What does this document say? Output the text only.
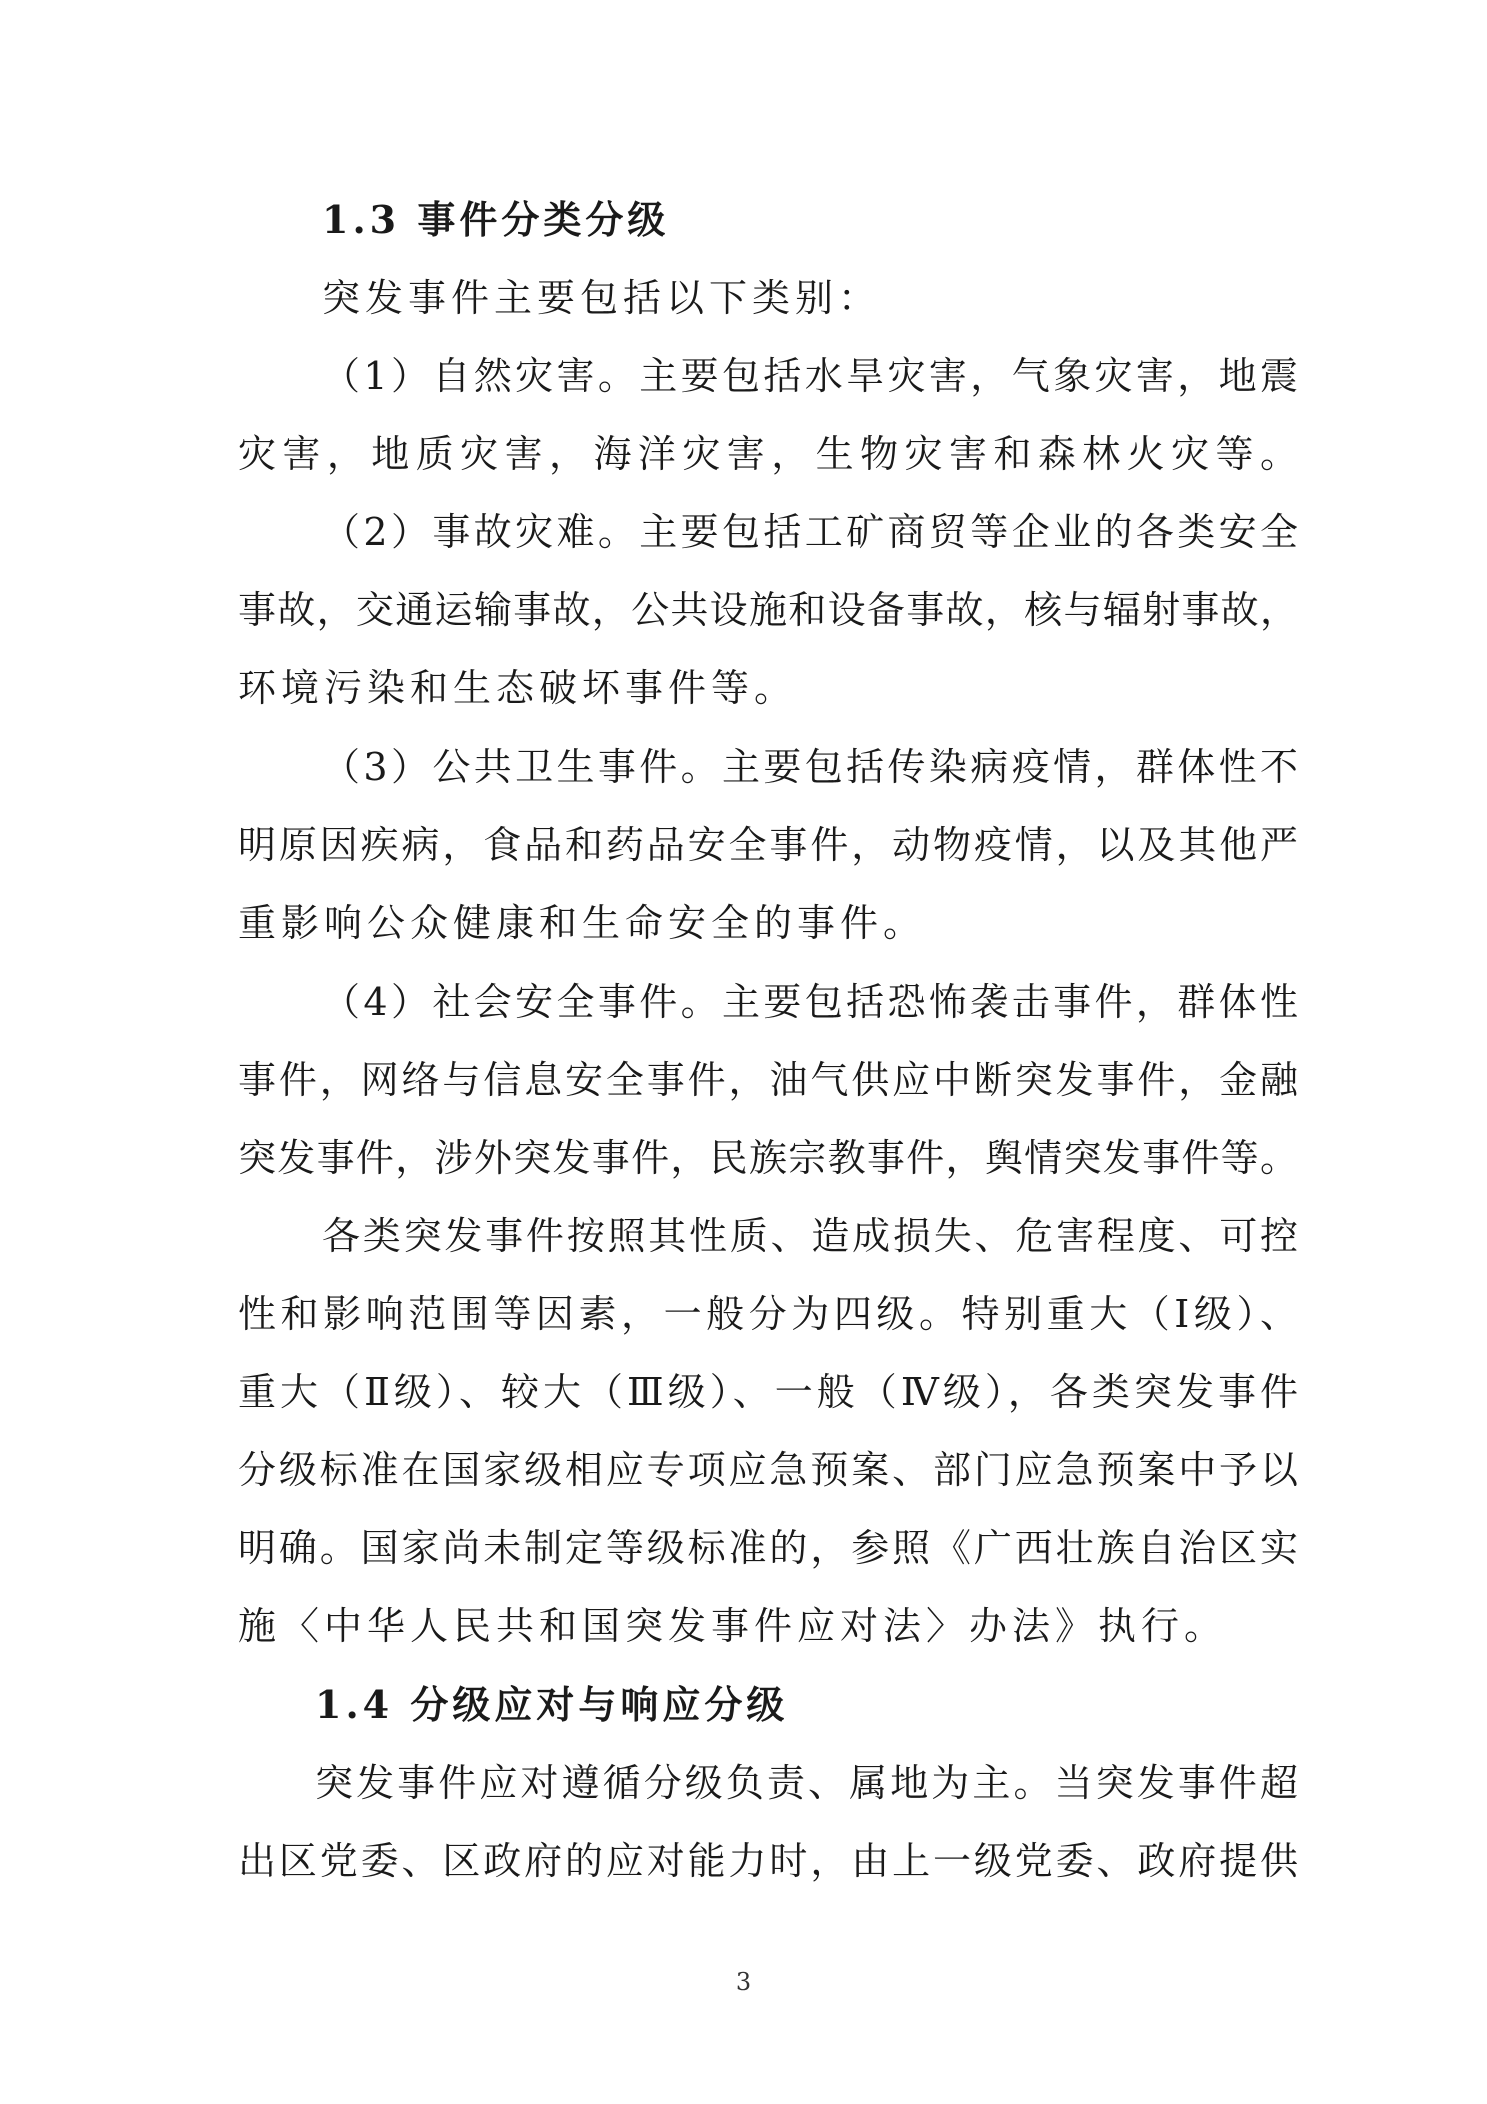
1.3 事件分类分级
突发事件主要包括以下类别：
（1）自然灾害。主要包括水旱灾害，气象灾害，地震
灾害，地质灾害，海洋灾害，生物灾害和森林火灾等。
（2）事故灾难。主要包括工矿商贸等企业的各类安全
事故，交通运输事故，公共设施和设备事故，核与辐射事故，
环境污染和生态破坏事件等。
（3）公共卫生事件。主要包括传染病疫情，群体性不
明原因疾病，食品和药品安全事件，动物疫情，以及其他严
重影响公众健康和生命安全的事件。
（4）社会安全事件。主要包括恐怖袭击事件，群体性
事件，网络与信息安全事件，油气供应中断突发事件，金融
突发事件，涉外突发事件，民族宗教事件，舆情突发事件等。
各类突发事件按照其性质、造成损失、危害程度、可控
性和影响范围等因素，一般分为四级。特别重大（Ⅰ级）、
重大（Ⅱ级）、较大（Ⅲ级）、一般（Ⅳ级），各类突发事件
分级标准在国家级相应专项应急预案、部门应急预案中予以
明确。国家尚未制定等级标准的，参照《广西壮族自治区实
施〈中华人民共和国突发事件应对法〉办法》执行。
1.4 分级应对与响应分级
突发事件应对遵循分级负责、属地为主。当突发事件超
出区党委、区政府的应对能力时，由上一级党委、政府提供
3
